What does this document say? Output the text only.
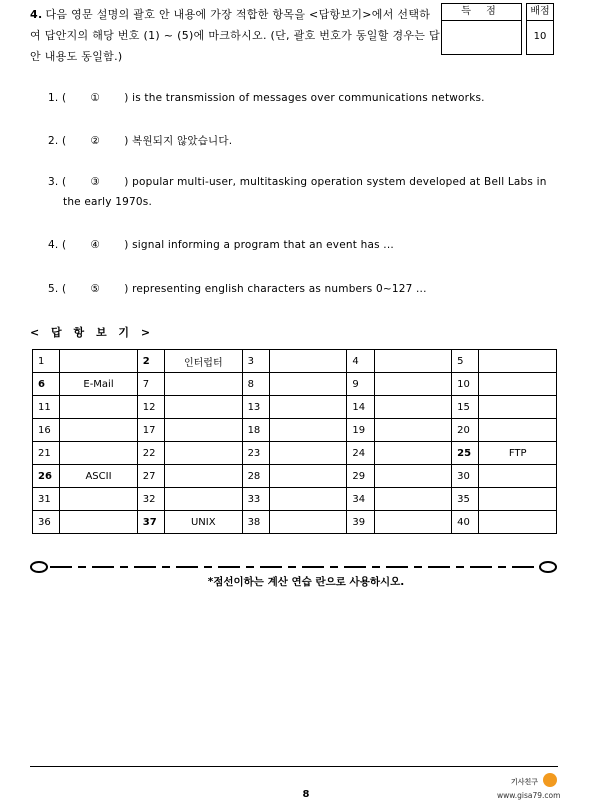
4. 다음 영문 설명의 괄호 안 내용에 가장 적합한 항목을 <답항보기>에서 선택하여 답안지의 해당 번호 (1) ~ (5)에 마크하시오. (단, 괄호 번호가 동일할 경우는 답안 내용도 동일함.)
득 점	배점
10
1. ( ① ) is the transmission of messages over communications networks.
2. ( ② ) 복원되지 않았습니다.
3. ( ③ ) popular multi-user, multitasking operation system developed at Bell Labs in
the early 1970s.
4. ( ④ ) signal informing a program that an event has ...
5. ( ⑤ ) representing english characters as numbers 0~127 ...
< 답 항 보 기 >
1		2	인터럽터	3		4		5	
6	E-Mail	7		8		9		10	
11		12		13		14		15	
16		17		18		19		20	
21		22		23		24		25	FTP
26	ASCII	27		28		29		30	
31		32		33		34		35	
36		37	UNIX	38		39		40	
*점선이하는 계산 연습 란으로 사용하시오.
8
기사친구
www.gisa79.com
